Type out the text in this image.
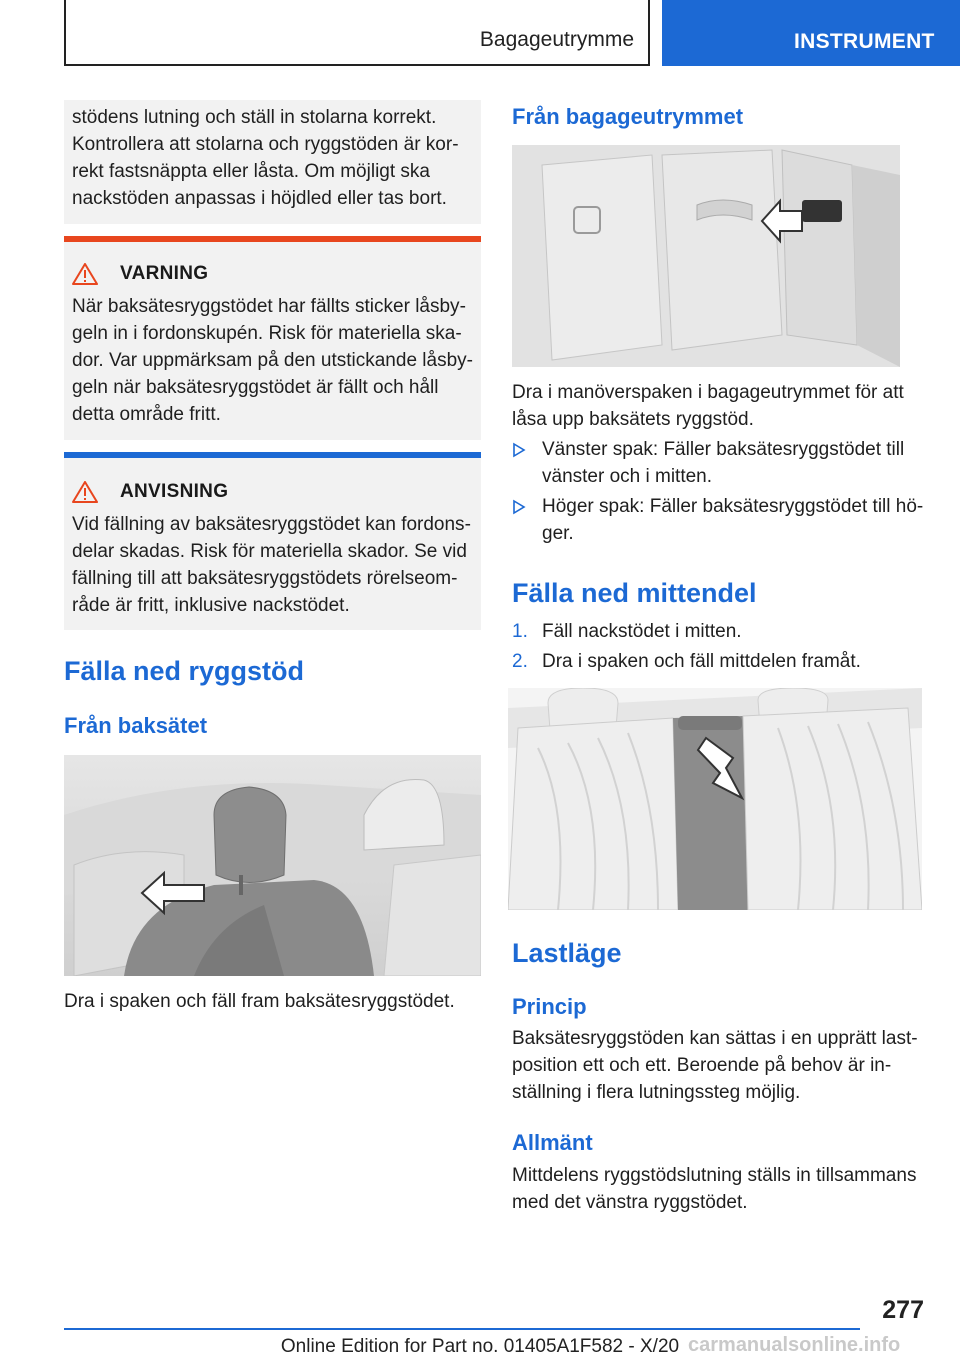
Bagageutrymme	INSTRUMENT

stödens lutning och ställ in stolarna korrekt. Kontrollera att stolarna och ryggstöden är korrekt fastsnäppta eller låsta. Om möjligt ska nackstöden anpassas i höjdled eller tas bort.

VARNING

När baksätesryggstödet har fällts sticker låsbygeln in i fordonskupén. Risk för materiella skador. Var uppmärksam på den utstickande låsbygeln när baksätesryggstödet är fällt och håll detta område fritt.

ANVISNING

Vid fällning av baksätesryggstödet kan fordonsdelar skadas. Risk för materiella skador. Se vid fällning till att baksätesryggstödets rörelseområde är fritt, inklusive nackstödet.

Fälla ned ryggstöd
Från baksätet

Dra i spaken och fäll fram baksätesryggstödet.

Från bagageutrymmet

Dra i manöverspaken i bagageutrymmet för att låsa upp baksätets ryggstöd.

Vänster spak: Fäller baksätesryggstödet till vänster och i mitten.
Höger spak: Fäller baksätesryggstödet till höger.
Fälla ned mittendel
1. Fäll nackstödet i mitten.
2. Dra i spaken och fäll mittdelen framåt.
Lastläge
Princip

Baksätesryggstöden kan sättas i en upprätt lastposition ett och ett. Beroende på behov är inställning i flera lutningssteg möjlig.

Allmänt

Mittdelens ryggstödslutning ställs in tillsammans med det vänstra ryggstödet.

277
Online Edition for Part no. 01405A1F582 - X/20 carmanualsonline.info
